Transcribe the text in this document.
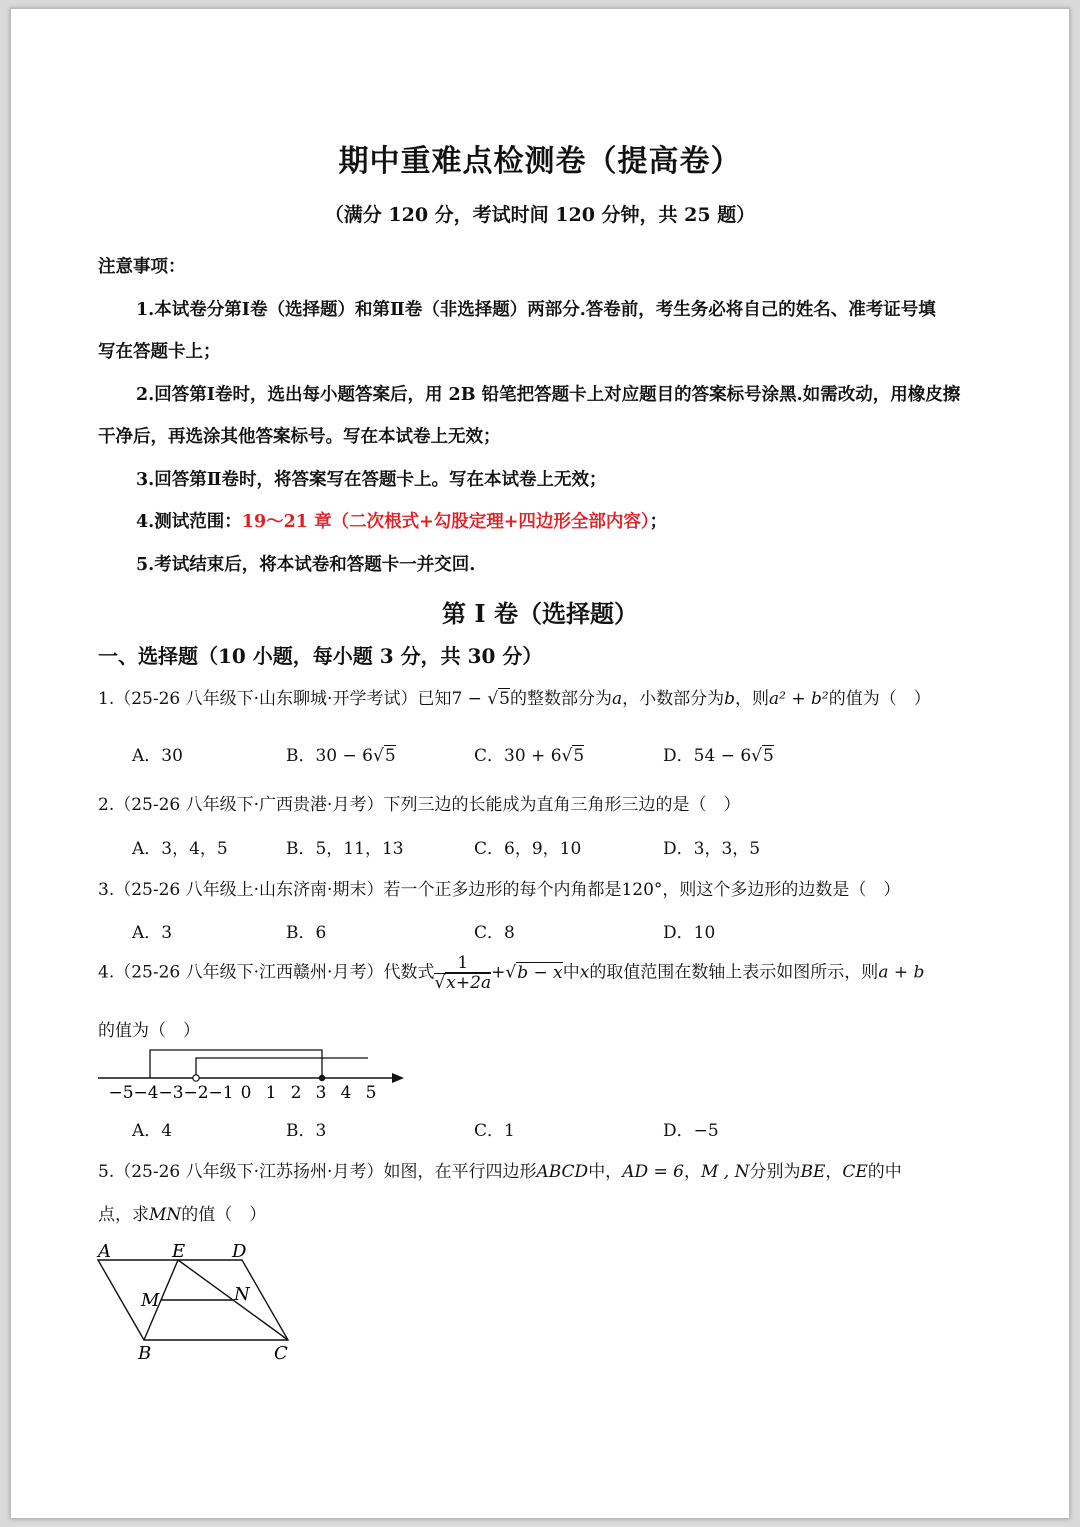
期中重难点检测卷（提高卷）
（满分 120 分，考试时间 120 分钟，共 25 题）
注意事项：
1.本试卷分第Ⅰ卷（选择题）和第Ⅱ卷（非选择题）两部分.答卷前，考生务必将自己的姓名、准考证号填
写在答题卡上；
2.回答第Ⅰ卷时，选出每小题答案后，用 2B 铅笔把答题卡上对应题目的答案标号涂黑.如需改动，用橡皮擦
干净后，再选涂其他答案标号。写在本试卷上无效；
3.回答第Ⅱ卷时，将答案写在答题卡上。写在本试卷上无效；
4.测试范围：19～21 章（二次根式+勾股定理+四边形全部内容）；
5.考试结束后，将本试卷和答题卡一并交回.
第 I 卷（选择题）
一、选择题（10 小题，每小题 3 分，共 30 分）
1.（25-26 八年级下·山东聊城·开学考试）已知7 − √5的整数部分为a，小数部分为b，则a² + b²的值为（　）
A．30	B．30 − 6√5	C．30 + 6√5	D．54 − 6√5
2.（25-26 八年级下·广西贵港·月考）下列三边的长能成为直角三角形三边的是（　）
A．3，4，5	B．5，11，13	C．6，9，10	D．3，3，5
3.（25-26 八年级上·山东济南·期末）若一个正多边形的每个内角都是120°，则这个多边形的边数是（　）
A．3	B．6	C．8	D．10
4.（25-26 八年级下·江西赣州·月考）代数式 $\frac{1}{√x+2a} +√b - x$中x的取值范围在数轴上表示如图所示，则a + b
的值为（　）
−5 −4 −3 −2 −1 0 1 2 3 4 5
A．4	B．3	C．1	D．−5
5.（25-26 八年级下·江苏扬州·月考）如图，在平行四边形ABCD中，AD = 6，M , N分别为BE，CE的中
点，求MN的值（　）
A	E	D
M	N
B	C
